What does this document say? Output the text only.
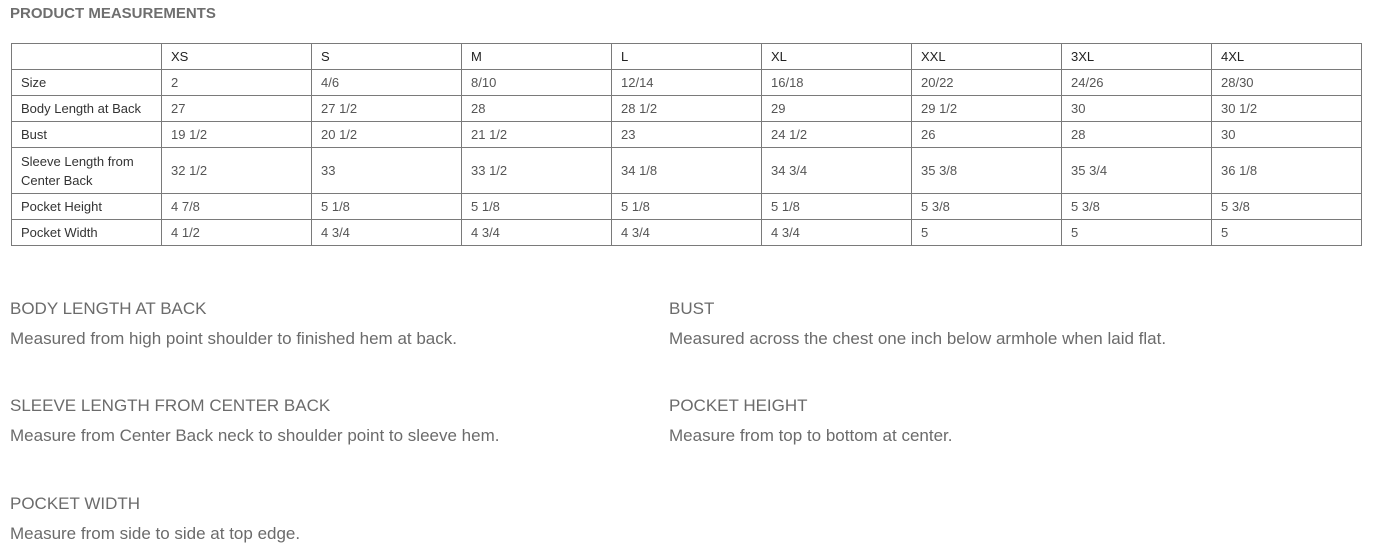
PRODUCT MEASUREMENTS
	XS	S	M	L	XL	XXL	3XL	4XL
Size	2	4/6	8/10	12/14	16/18	20/22	24/26	28/30
Body Length at Back	27	27 1/2	28	28 1/2	29	29 1/2	30	30 1/2
Bust	19 1/2	20 1/2	21 1/2	23	24 1/2	26	28	30
Sleeve Length from Center Back	32 1/2	33	33 1/2	34 1/8	34 3/4	35 3/8	35 3/4	36 1/8
Pocket Height	4 7/8	5 1/8	5 1/8	5 1/8	5 1/8	5 3/8	5 3/8	5 3/8
Pocket Width	4 1/2	4 3/4	4 3/4	4 3/4	4 3/4	5	5	5
BODY LENGTH AT BACK
Measured from high point shoulder to finished hem at back.
BUST
Measured across the chest one inch below armhole when laid flat.
SLEEVE LENGTH FROM CENTER BACK
Measure from Center Back neck to shoulder point to sleeve hem.
POCKET HEIGHT
Measure from top to bottom at center.
POCKET WIDTH
Measure from side to side at top edge.
